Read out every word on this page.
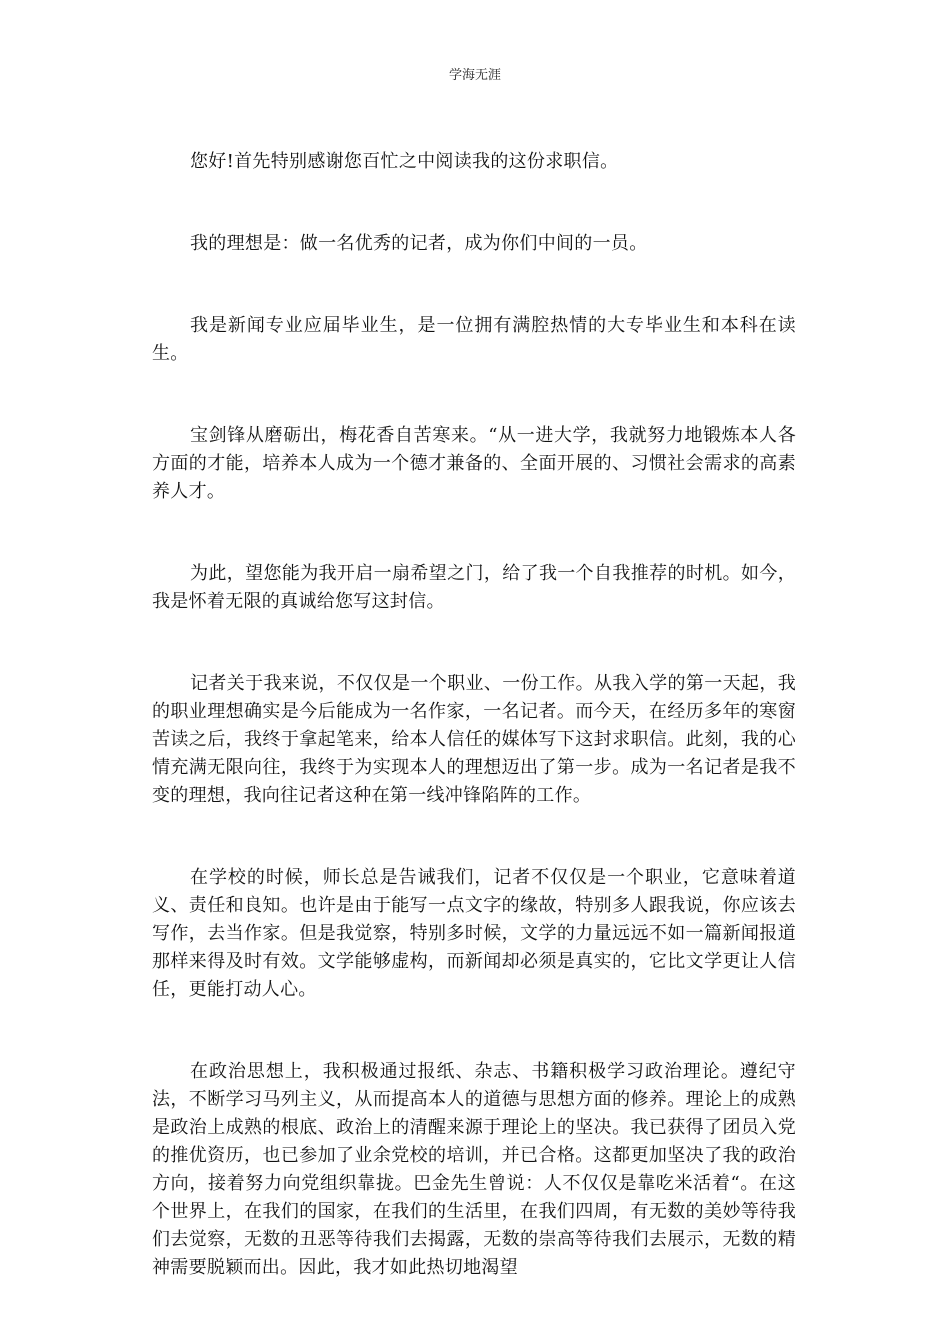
学海无涯

您好!首先特别感谢您百忙之中阅读我的这份求职信。

我的理想是：做一名优秀的记者，成为你们中间的一员。

我是新闻专业应届毕业生，是一位拥有满腔热情的大专毕业生和本科在读生。

宝剑锋从磨砺出，梅花香自苦寒来。“从一进大学，我就努力地锻炼本人各方面的才能，培养本人成为一个德才兼备的、全面开展的、习惯社会需求的高素养人才。

为此，望您能为我开启一扇希望之门，给了我一个自我推荐的时机。如今，我是怀着无限的真诚给您写这封信。

记者关于我来说，不仅仅是一个职业、一份工作。从我入学的第一天起，我的职业理想确实是今后能成为一名作家，一名记者。而今天，在经历多年的寒窗苦读之后，我终于拿起笔来，给本人信任的媒体写下这封求职信。此刻，我的心情充满无限向往，我终于为实现本人的理想迈出了第一步。成为一名记者是我不变的理想，我向往记者这种在第一线冲锋陷阵的工作。

在学校的时候，师长总是告诫我们，记者不仅仅是一个职业，它意味着道义、责任和良知。也许是由于能写一点文字的缘故，特别多人跟我说，你应该去写作，去当作家。但是我觉察，特别多时候，文学的力量远远不如一篇新闻报道那样来得及时有效。文学能够虚构，而新闻却必须是真实的，它比文学更让人信任，更能打动人心。

在政治思想上，我积极通过报纸、杂志、书籍积极学习政治理论。遵纪守法，不断学习马列主义，从而提高本人的道德与思想方面的修养。理论上的成熟是政治上成熟的根底、政治上的清醒来源于理论上的坚决。我已获得了团员入党的推优资历，也已参加了业余党校的培训，并已合格。这都更加坚决了我的政治方向，接着努力向党组织靠拢。巴金先生曾说：人不仅仅是靠吃米活着“。在这个世界上，在我们的国家，在我们的生活里，在我们四周，有无数的美妙等待我们去觉察，无数的丑恶等待我们去揭露，无数的崇高等待我们去展示，无数的精神需要脱颖而出。因此，我才如此热切地渴望
